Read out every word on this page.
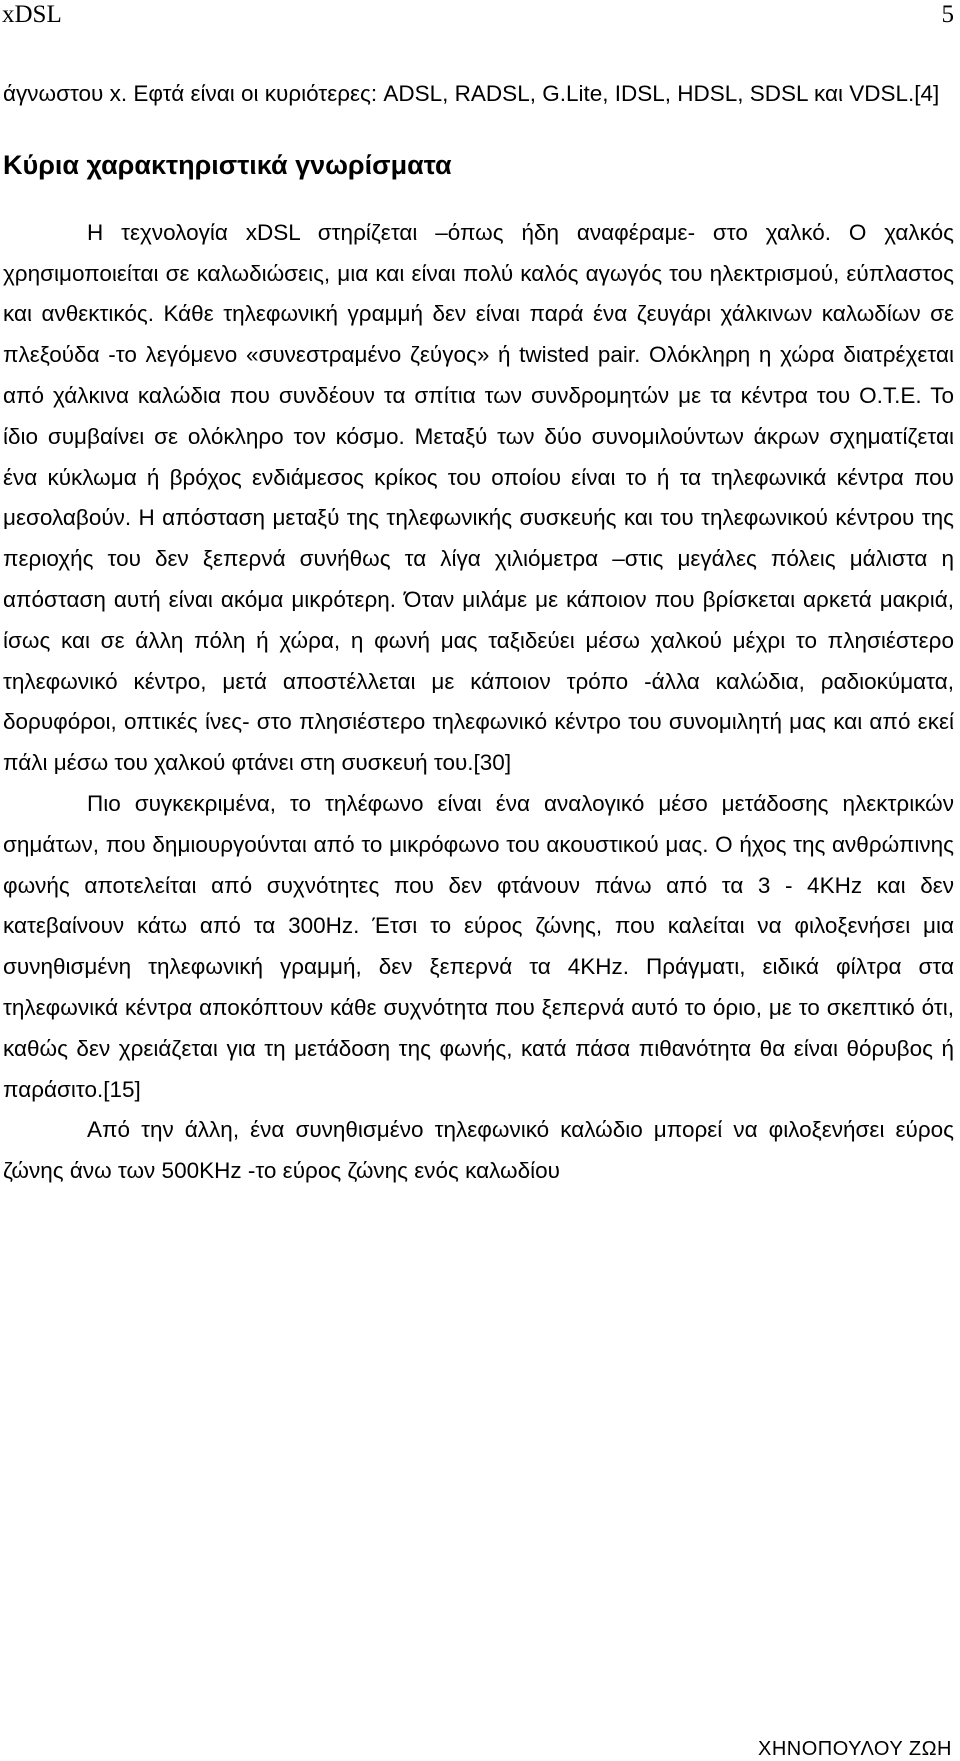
xDSL	5

άγνωστου x. Εφτά είναι οι κυριότερες: ADSL, RADSL, G.Lite, IDSL, HDSL, SDSL και VDSL.[4]

Κύρια χαρακτηριστικά γνωρίσματα

Η τεχνολογία xDSL στηρίζεται –όπως ήδη αναφέραμε- στο χαλκό. Ο χαλκός χρησιμοποιείται σε καλωδιώσεις, μια και είναι πολύ καλός αγωγός του ηλεκτρισμού, εύπλαστος και ανθεκτικός. Κάθε τηλεφωνική γραμμή δεν είναι παρά ένα ζευγάρι χάλκινων καλωδίων σε πλεξούδα -το λεγόμενο «συνεστραμένο ζεύγος» ή twisted pair. Ολόκληρη η χώρα διατρέχεται από χάλκινα καλώδια που συνδέουν τα σπίτια των συνδρομητών με τα κέντρα του Ο.Τ.Ε. Το ίδιο συμβαίνει σε ολόκληρο τον κόσμο. Μεταξύ των δύο συνομιλούντων άκρων σχηματίζεται ένα κύκλωμα ή βρόχος ενδιάμεσος κρίκος του οποίου είναι το ή τα τηλεφωνικά κέντρα που μεσολαβούν. Η απόσταση μεταξύ της τηλεφωνικής συσκευής και του τηλεφωνικού κέντρου της περιοχής του δεν ξεπερνά συνήθως τα λίγα χιλιόμετρα –στις μεγάλες πόλεις μάλιστα η απόσταση αυτή είναι ακόμα μικρότερη. Όταν μιλάμε με κάποιον που βρίσκεται αρκετά μακριά, ίσως και σε άλλη πόλη ή χώρα, η φωνή μας ταξιδεύει μέσω χαλκού μέχρι το πλησιέστερο τηλεφωνικό κέντρο, μετά αποστέλλεται με κάποιον τρόπο -άλλα καλώδια, ραδιοκύματα, δορυφόροι, οπτικές ίνες- στο πλησιέστερο τηλεφωνικό κέντρο του συνομιλητή μας και από εκεί πάλι μέσω του χαλκού φτάνει στη συσκευή του.[30]

Πιο συγκεκριμένα, το τηλέφωνο είναι ένα αναλογικό μέσο μετάδοσης ηλεκτρικών σημάτων, που δημιουργούνται από το μικρόφωνο του ακουστικού μας. Ο ήχος της ανθρώπινης φωνής αποτελείται από συχνότητες που δεν φτάνουν πάνω από τα 3 - 4KHz και δεν κατεβαίνουν κάτω από τα 300Hz. Έτσι το εύρος ζώνης, που καλείται να φιλοξενήσει μια συνηθισμένη τηλεφωνική γραμμή, δεν ξεπερνά τα 4KHz. Πράγματι, ειδικά φίλτρα στα τηλεφωνικά κέντρα αποκόπτουν κάθε συχνότητα που ξεπερνά αυτό το όριο, με το σκεπτικό ότι, καθώς δεν χρειάζεται για τη μετάδοση της φωνής, κατά πάσα πιθανότητα θα είναι θόρυβος ή παράσιτο.[15]

Από την άλλη, ένα συνηθισμένο τηλεφωνικό καλώδιο μπορεί να φιλοξενήσει εύρος ζώνης άνω των 500KHz -το εύρος ζώνης ενός καλωδίου

ΧΗΝΟΠΟΥΛΟΥ ΖΩΗ
